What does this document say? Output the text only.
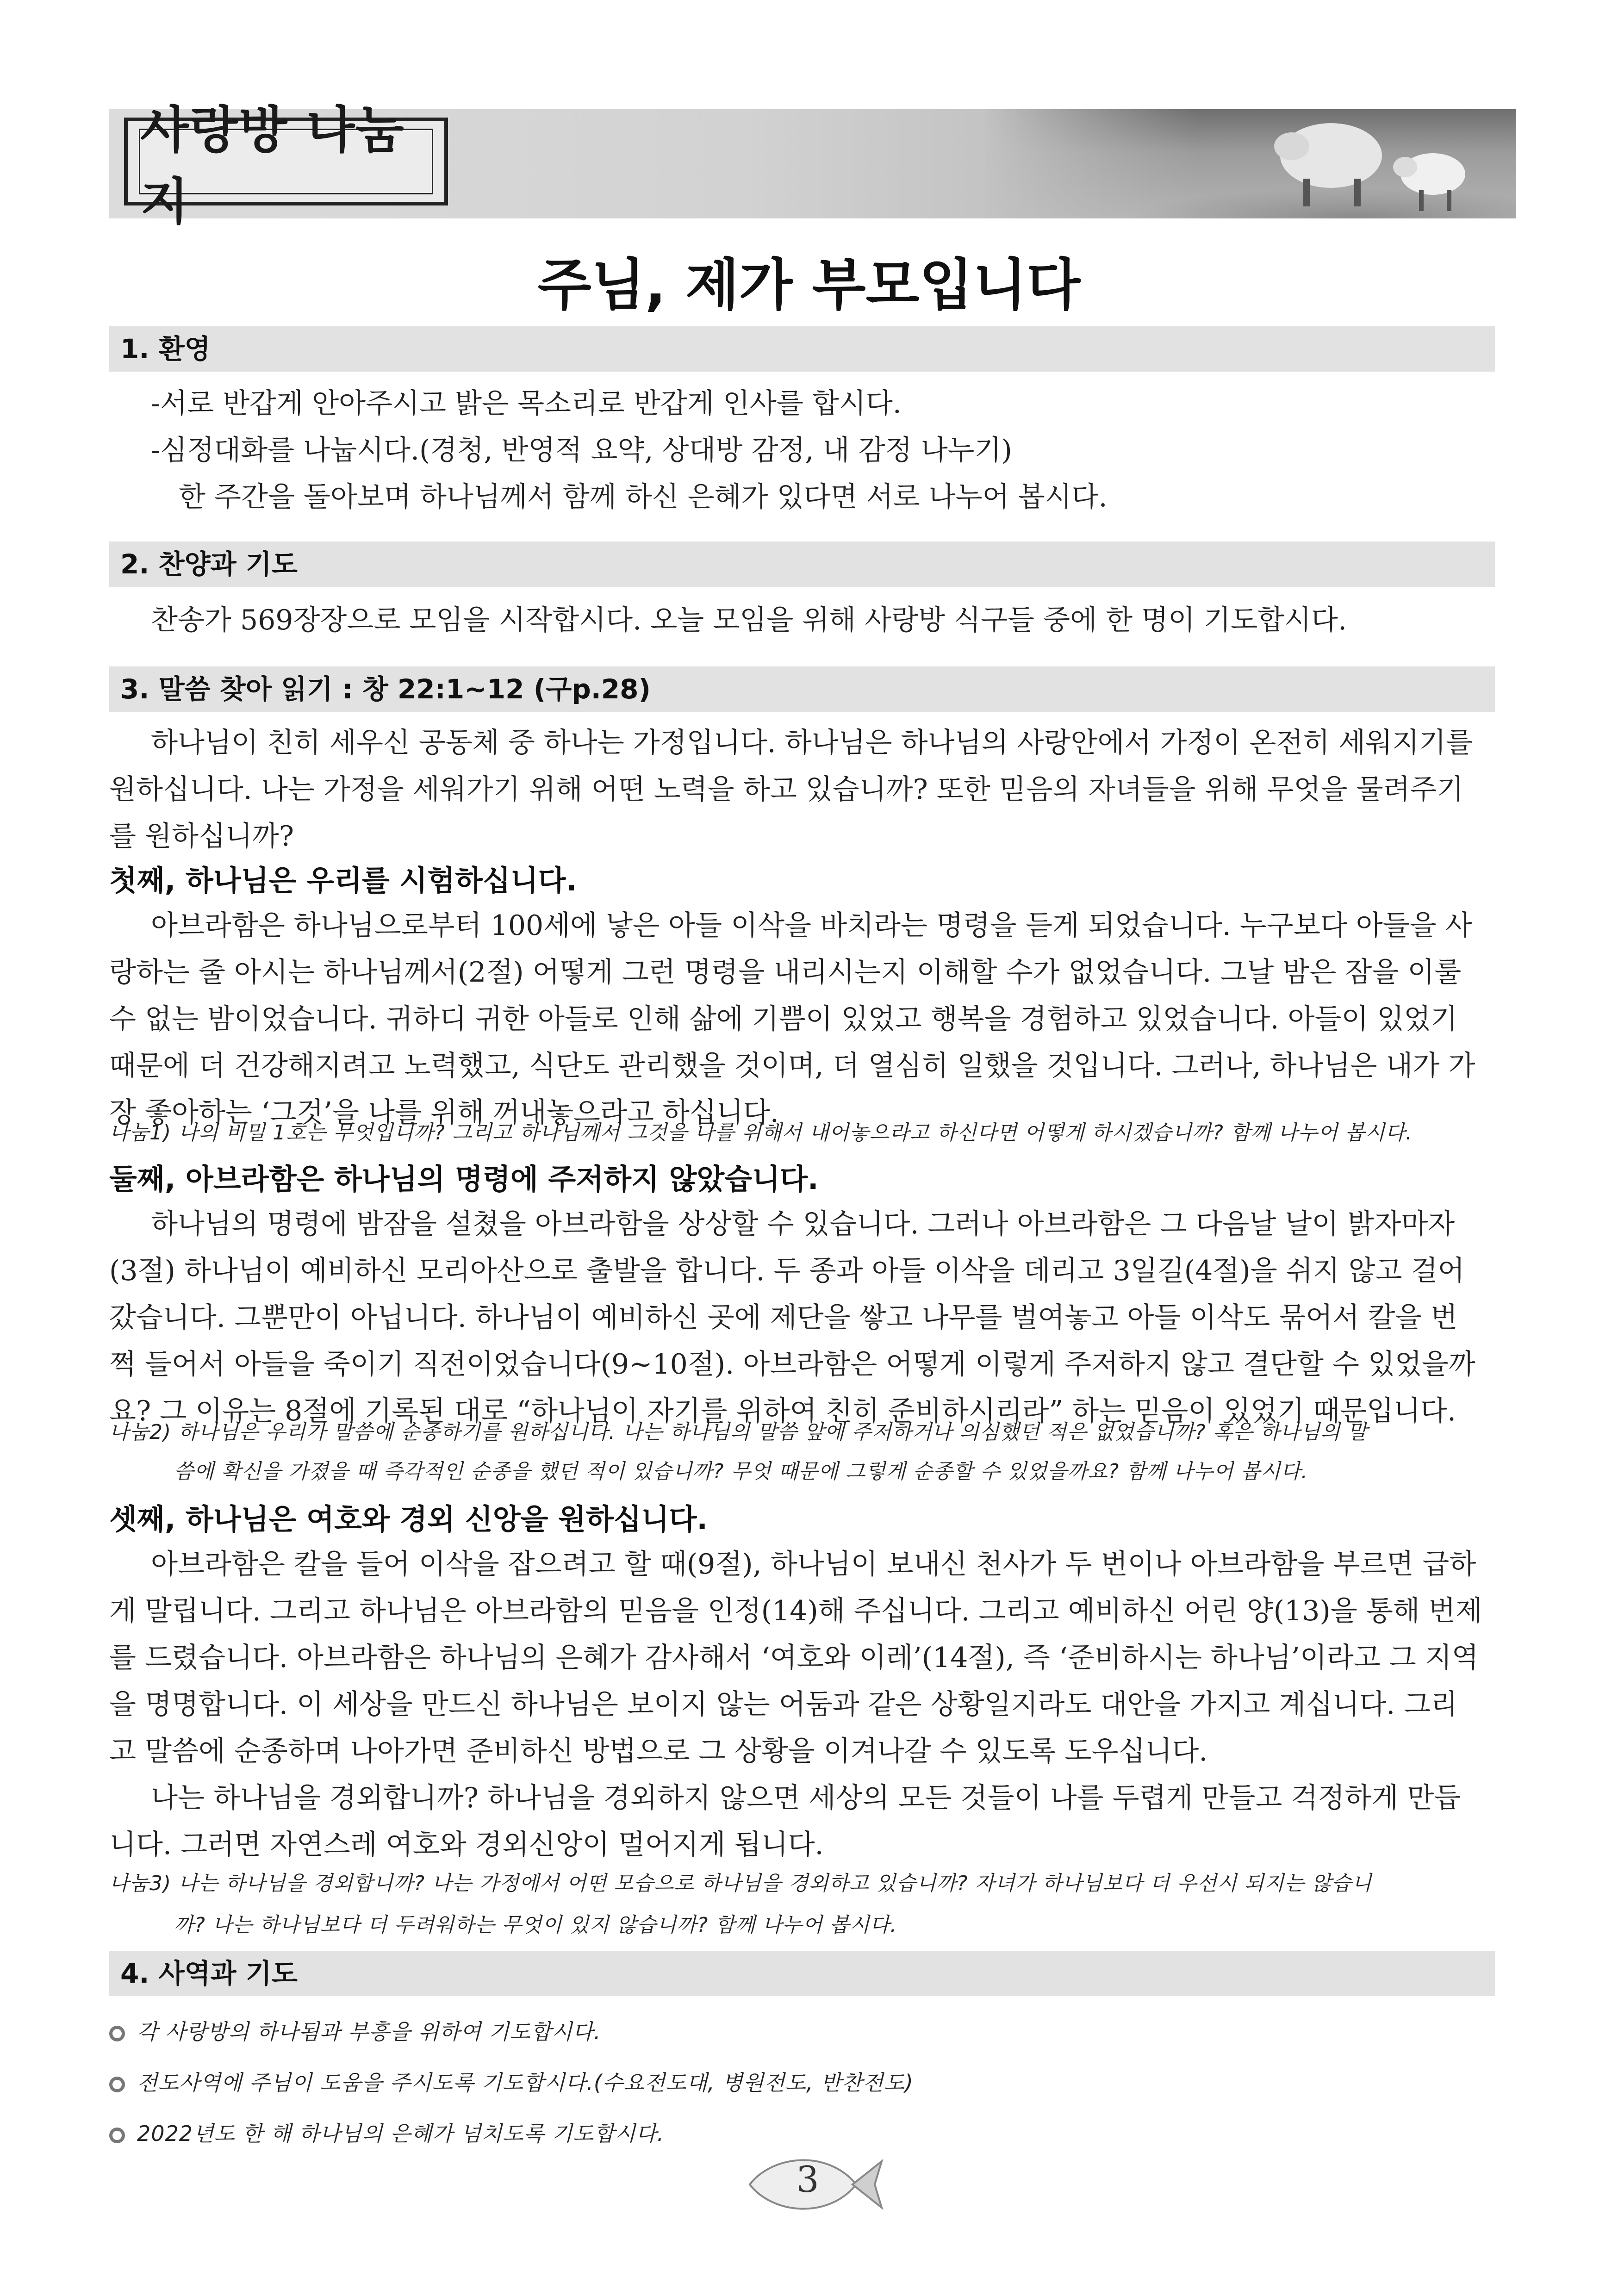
사랑방 나눔지
주님, 제가 부모입니다
1. 환영
-서로 반갑게 안아주시고 밝은 목소리로 반갑게 인사를 합시다.
-심정대화를 나눕시다.(경청, 반영적 요약, 상대방 감정, 내 감정 나누기)
한 주간을 돌아보며 하나님께서 함께 하신 은혜가 있다면 서로 나누어 봅시다.
2. 찬양과 기도
찬송가 569장장으로 모임을 시작합시다. 오늘 모임을 위해 사랑방 식구들 중에 한 명이 기도합시다.
3. 말씀 찾아 읽기 : 창 22:1~12 (구p.28)
하나님이 친히 세우신 공동체 중 하나는 가정입니다. 하나님은 하나님의 사랑안에서 가정이 온전히 세워지기를
원하십니다. 나는 가정을 세워가기 위해 어떤 노력을 하고 있습니까? 또한 믿음의 자녀들을 위해 무엇을 물려주기
를 원하십니까?
첫째, 하나님은 우리를 시험하십니다.
아브라함은 하나님으로부터 100세에 낳은 아들 이삭을 바치라는 명령을 듣게 되었습니다. 누구보다 아들을 사
랑하는 줄 아시는 하나님께서(2절) 어떻게 그런 명령을 내리시는지 이해할 수가 없었습니다. 그날 밤은 잠을 이룰
수 없는 밤이었습니다. 귀하디 귀한 아들로 인해 삶에 기쁨이 있었고 행복을 경험하고 있었습니다. 아들이 있었기
때문에 더 건강해지려고 노력했고, 식단도 관리했을 것이며, 더 열심히 일했을 것입니다. 그러나, 하나님은 내가 가
장 좋아하는 ‘그것’을 나를 위해 꺼내놓으라고 하십니다.
나눔1) 나의 비밀 1호는 무엇입니까? 그리고 하나님께서 그것을 나를 위해서 내어놓으라고 하신다면 어떻게 하시겠습니까? 함께 나누어 봅시다.
둘째, 아브라함은 하나님의 명령에 주저하지 않았습니다.
하나님의 명령에 밤잠을 설쳤을 아브라함을 상상할 수 있습니다. 그러나 아브라함은 그 다음날 날이 밝자마자
(3절) 하나님이 예비하신 모리아산으로 출발을 합니다. 두 종과 아들 이삭을 데리고 3일길(4절)을 쉬지 않고 걸어
갔습니다. 그뿐만이 아닙니다. 하나님이 예비하신 곳에 제단을 쌓고 나무를 벌여놓고 아들 이삭도 묶어서 칼을 번
쩍 들어서 아들을 죽이기 직전이었습니다(9~10절). 아브라함은 어떻게 이렇게 주저하지 않고 결단할 수 있었을까
요? 그 이유는 8절에 기록된 대로 “하나님이 자기를 위하여 친히 준비하시리라” 하는 믿음이 있었기 때문입니다.
나눔2) 하나님은 우리가 말씀에 순종하기를 원하십니다. 나는 하나님의 말씀 앞에 주저하거나 의심했던 적은 없었습니까? 혹은 하나님의 말
씀에 확신을 가졌을 때 즉각적인 순종을 했던 적이 있습니까? 무엇 때문에 그렇게 순종할 수 있었을까요? 함께 나누어 봅시다.
셋째, 하나님은 여호와 경외 신앙을 원하십니다.
아브라함은 칼을 들어 이삭을 잡으려고 할 때(9절), 하나님이 보내신 천사가 두 번이나 아브라함을 부르면 급하
게 말립니다. 그리고 하나님은 아브라함의 믿음을 인정(14)해 주십니다. 그리고 예비하신 어린 양(13)을 통해 번제
를 드렸습니다. 아브라함은 하나님의 은혜가 감사해서 ‘여호와 이레’(14절), 즉 ‘준비하시는 하나님’이라고 그 지역
을 명명합니다. 이 세상을 만드신 하나님은 보이지 않는 어둠과 같은 상황일지라도 대안을 가지고 계십니다. 그리
고 말씀에 순종하며 나아가면 준비하신 방법으로 그 상황을 이겨나갈 수 있도록 도우십니다.
나는 하나님을 경외합니까? 하나님을 경외하지 않으면 세상의 모든 것들이 나를 두렵게 만들고 걱정하게 만듭
니다. 그러면 자연스레 여호와 경외신앙이 멀어지게 됩니다.
나눔3) 나는 하나님을 경외합니까? 나는 가정에서 어떤 모습으로 하나님을 경외하고 있습니까? 자녀가 하나님보다 더 우선시 되지는 않습니
까? 나는 하나님보다 더 두려워하는 무엇이 있지 않습니까? 함께 나누어 봅시다.
4. 사역과 기도
각 사랑방의 하나됨과 부흥을 위하여 기도합시다.
전도사역에 주님이 도움을 주시도록 기도합시다.(수요전도대, 병원전도, 반찬전도)
2022년도 한 해 하나님의 은혜가 넘치도록 기도합시다.
3
